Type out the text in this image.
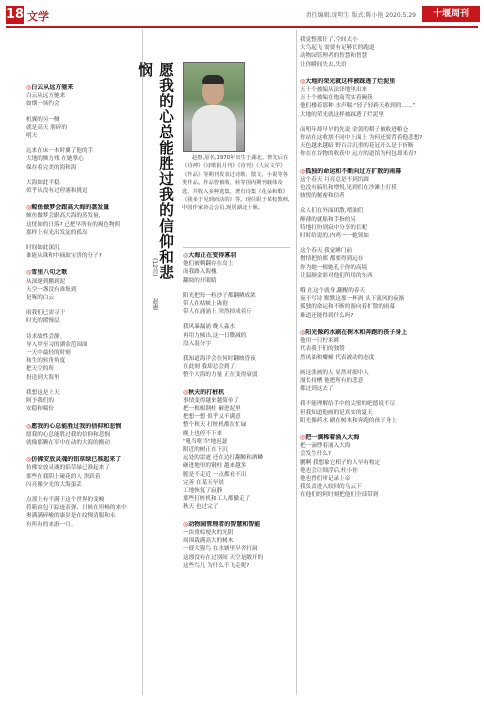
18 文学	责任编辑:庞明生 版式:陈小艳 2020.5.29	十堰周刊

◎白云从远方驰来

白云从远方驰来

如烟一场约会

机翼的另一侧

就是高天 朋碎的

明天

远来在床一本时翼了他的手

大地的颤力残 在她掌心

保存着完美的海和海

大海如此平稳

似乎从没有过停浦和挑逗

◎鲸鱼做梦会跟高大海的蒸发量

鲸鱼做梦会跟高大海的蒸发量,

这恍如的日落? 已把早所有的褐色物照

那样上有光出发淀的孤岛

时间如此深沉

谁能从珠和中摘取宝贵的分子?

◎雪里八句之歌

从深邃到鹏到泥

天空一盏没有准集到

是啄的白云

雨我们已需寻于

时光的缓慢层

诗求故性尝静。

导入甲至习的湖金范围面

一天中最轻的时刻

和生的转角角度

把天空的所

投送到大海里

我想这是上天

阿予我们的

安稳和喘份

◎愿我的心总能胜过我的信仰和悲悯

愿我的心总能胜过我的信仰和悲悯

就像那颗在军中在动的大海的搬动

◎仿佛安放灵魂的铝草绿已准起来了

仿佛安放灵魂的铝草绿已准起来了

那些在我阴上碰花的人 贵跃着

闪亮像夕光的大海蛋丢

点那上有不满于这个世界的变峻

将箱由包于踪迹表弹、只候在坦畅的来中

奥满满碎峻的康岁是在纹慢清服和永

有所有的来游一月。

愿我的心总能胜过我的信仰和悲悯
(12首)
赵惠

赵惠,原名,1970年出生于湖北。曾先后在《诗神》《诗歌报月刊》《诗刊》《人民文学》《作品》等期刊发表过诗歌、散文、小说等各类作品。作品曾被收、转等国内期刊载体及选、并收入多种选集。著有诗集《花朵和歌》《我多于见到而活的》等。现任职于某校教师,中国作家协会会员,现居湖北十堰。

◎大海正在变得寡羽

他们被剩翻存在岛上

而我路入海槐

翻阅的开眼睛

阳光把每一粒沙子都翻晒成浓

带人在枯峡上蛊孢

带人在涌涌上 突然掉成着斤

我风暴漏涌 晚人淼水

再用力倾出,这一日微减的

没入混分字

我知道海洋会在何时翻映昏夜

在此刻 我却总会到了

整个大海的力量 正在变得衰弱

◎秋天的打桩机

事情变得越来越简单了

把一根根钢柱 砸进泥里

把想一想 似乎又不满意

整个秋天 打桩机都在忙碌

晚上也停不下来

"吼当哐当"地迟瑟

附近的树正在下沉

远处的雷霆 还在边打翻鲸和洒鳞

砸进地里的钢柱 越来越多

脆是不走近 一点都看不出

完善 在某天早晨

工地恢复了寂静

那些打桩机和工人都撤走了

秋天 也过完了

◎动物园管理者的智慧和智能

一块重棕埂火的光阴

周围栽满高大的树木

一群大猩鸟 在水塘里早舍打洞

这漂没有在过别间 天空是敞开的

这些鸟儿 为什么不飞走呢?

我觉整那什了,空间太小

大鸟起飞 需要有足够长的跑道

动物园管理者的智慧和智慧

让你瞬间失去,失语

◎大地的荣光就这样被踩透了烂泥里

五十个被编从法泽地里出来

五十个被编在炮南驾实着碗筷

他们楼着那种 水声喘:"轻子轻跨天收到的……"

大地的荣光就这样被踩透了烂泥里

而明年却早早的先说 金黄的稻子被收进粮仓

你站在这收割不同中上面上 为何还要背着他悲想?

天色越来越暗 野百合沉重的花冠开么是于折断

你在在谷物的收获中 远方的道馆为何包却米青?

◎孤独的命运和不断向过方扩散的雨幕

这个春天 月亮总是不到饥圆

也没有搞肚和增悦,见到们在沙滩上打捞

骇悦的秘密和信者

众人们在外面团散,啃油们

醉薄的就船和手指的另

特地打扮到寂中分享的长呢

时时给说的,内鸡一一她领如

这个春天 我觉睡门前

僧情把拾都 都要得到远存

你为她一根她孔于你的高境

让温顺金彩对他们所用的东西

哦 在这个就身,翻醒的春天

夜不写诗 默默这那一杯酒 头下流风的夜渐

孤独的命运和不断的游向着扩散的雨幕

难道还能得到什么吗?

◎阳光像药水刷在树木和奔跑的孩子身上

他用一只柠米裤

代表我于们的独赞

然风油和瓣幢 代表被动的态度

画这张画的人 显然对细中人

漫长持槽 他把所有的悲意

都过到这去了

我不能理解给手中的尖璧的吧德说不尽

但我知道他画的是真实的夏天

阳光像药水 刷在树木和奔跑的孩子身上

◎把一滴稀着涌入大海

把一滴悸着涌入大海

会发生什么?

鹏啊 我想象它相子的人早有构定

他也会让细浮后,柱小你

他也曾们审记录上帝

我负责进入较回的乌云下

在他们的阿时刻把他们全部带到
